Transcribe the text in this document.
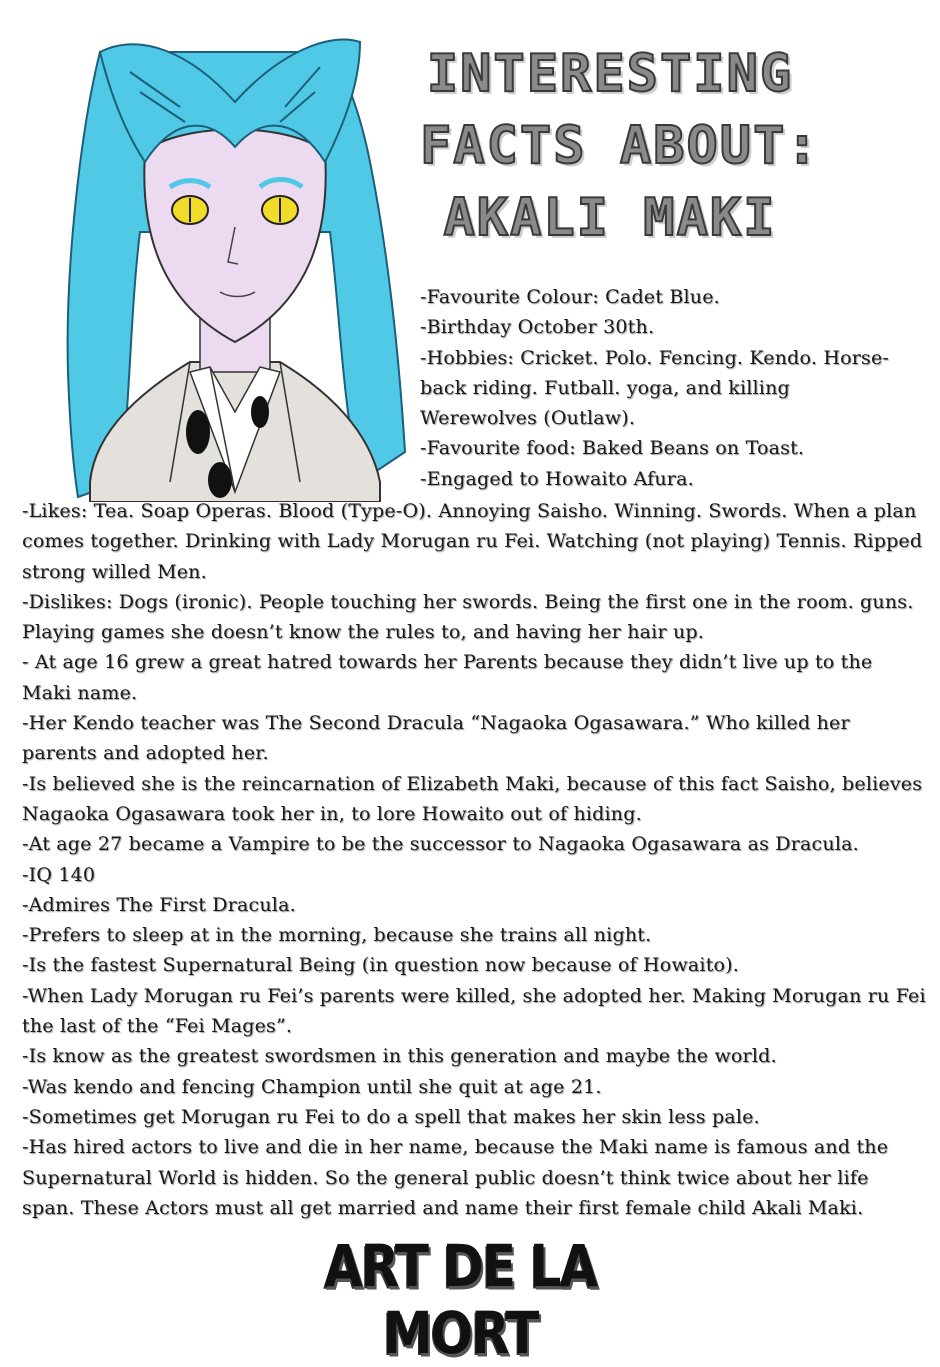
INTERESTING
FACTS ABOUT:
AKALI MAKI
-Favourite Colour: Cadet Blue.
-Birthday October 30th.
-Hobbies: Cricket. Polo. Fencing. Kendo. Horse-back riding. Futball. yoga, and killing Werewolves (Outlaw).
-Favourite food: Baked Beans on Toast.
-Engaged to Howaito Afura.
-Likes: Tea. Soap Operas. Blood (Type-O). Annoying Saisho. Winning. Swords. When a plan comes together. Drinking with Lady Morugan ru Fei. Watching (not playing) Tennis. Ripped strong willed Men.
-Dislikes: Dogs (ironic). People touching her swords. Being the first one in the room. guns. Playing games she doesn’t know the rules to, and having her hair up.
- At age 16 grew a great hatred towards her Parents because they didn’t live up to the Maki name.
-Her Kendo teacher was The Second Dracula “Nagaoka Ogasawara.” Who killed her parents and adopted her.
-Is believed she is the reincarnation of Elizabeth Maki, because of this fact Saisho, believes Nagaoka Ogasawara took her in, to lore Howaito out of hiding.
-At age 27 became a Vampire to be the successor to Nagaoka Ogasawara as Dracula.
-IQ 140
-Admires The First Dracula.
-Prefers to sleep at in the morning, because she trains all night.
-Is the fastest Supernatural Being (in question now because of Howaito).
-When Lady Morugan ru Fei’s parents were killed, she adopted her. Making Morugan ru Fei the last of the “Fei Mages”.
-Is know as the greatest swordsmen in this generation and maybe the world.
-Was kendo and fencing Champion until she quit at age 21.
-Sometimes get Morugan ru Fei to do a spell that makes her skin less pale.
-Has hired actors to live and die in her name, because the Maki name is famous and the Supernatural World is hidden. So the general public doesn’t think twice about her life span. These Actors must all get married and name their first female child Akali Maki.
ART DE LA MORT
